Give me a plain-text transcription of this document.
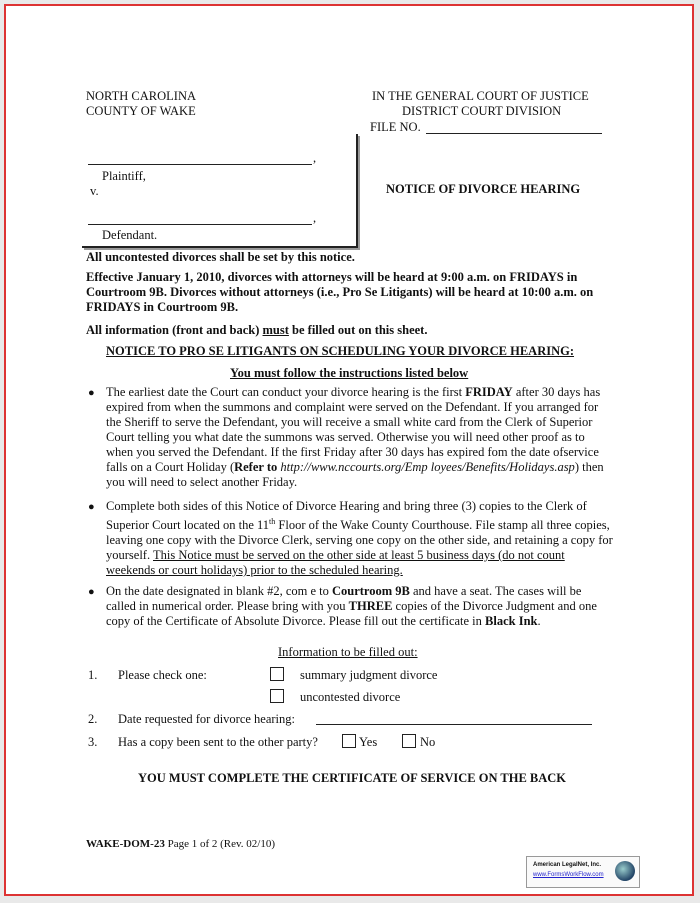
NORTH CAROLINA
COUNTY OF WAKE
IN THE GENERAL COURT OF JUSTICE
DISTRICT COURT DIVISION
FILE NO.
,
Plaintiff,
v.
,
Defendant.
NOTICE OF DIVORCE HEARING
All uncontested divorces shall be set by this notice.
Effective January 1, 2010, divorces with attorneys will be heard at 9:00 a.m. on FRIDAYS in
Courtroom 9B. Divorces without attorneys (i.e., Pro Se Litigants) will be heard at 10:00 a.m. on
FRIDAYS in Courtroom 9B.
All information (front and back) must be filled out on this sheet.
NOTICE TO PRO SE LITIGANTS ON SCHEDULING YOUR DIVORCE HEARING:
You must follow the instructions listed below
● The earliest date the Court can conduct your divorce hearing is the first FRIDAY after 30 days has
expired from when the summons and complaint were served on the Defendant. If you arranged for
the Sheriff to serve the Defendant, you will receive a small white card from the Clerk of Superior
Court telling you what date the summons was served. Otherwise you will need other proof as to
when you served the Defendant. If the first Friday after 30 days has expired fom the date ofservice
falls on a Court Holiday (Refer to http://www.nccourts.org/Emp loyees/Benefits/Holidays.asp) then
you will need to select another Friday.
● Complete both sides of this Notice of Divorce Hearing and bring three (3) copies to the Clerk of
Superior Court located on the 11th Floor of the Wake County Courthouse. File stamp all three copies,
leaving one copy with the Divorce Clerk, serving one copy on the other side, and retaining a copy for
yourself. This Notice must be served on the other side at least 5 business days (do not count
weekends or court holidays) prior to the scheduled hearing.
● On the date designated in blank #2, com e to Courtroom 9B and have a seat. The cases will be
called in numerical order. Please bring with you THREE copies of the Divorce Judgment and one
copy of the Certificate of Absolute Divorce. Please fill out the certificate in Black Ink.
Information to be filled out:
1. Please check one:	summary judgment divorce
uncontested divorce
2. Date requested for divorce hearing:
3. Has a copy been sent to the other party?	Yes	No
YOU MUST COMPLETE THE CERTIFICATE OF SERVICE ON THE BACK
WAKE-DOM-23 Page 1 of 2 (Rev. 02/10)
American LegalNet, Inc.
www.FormsWorkFlow.com
